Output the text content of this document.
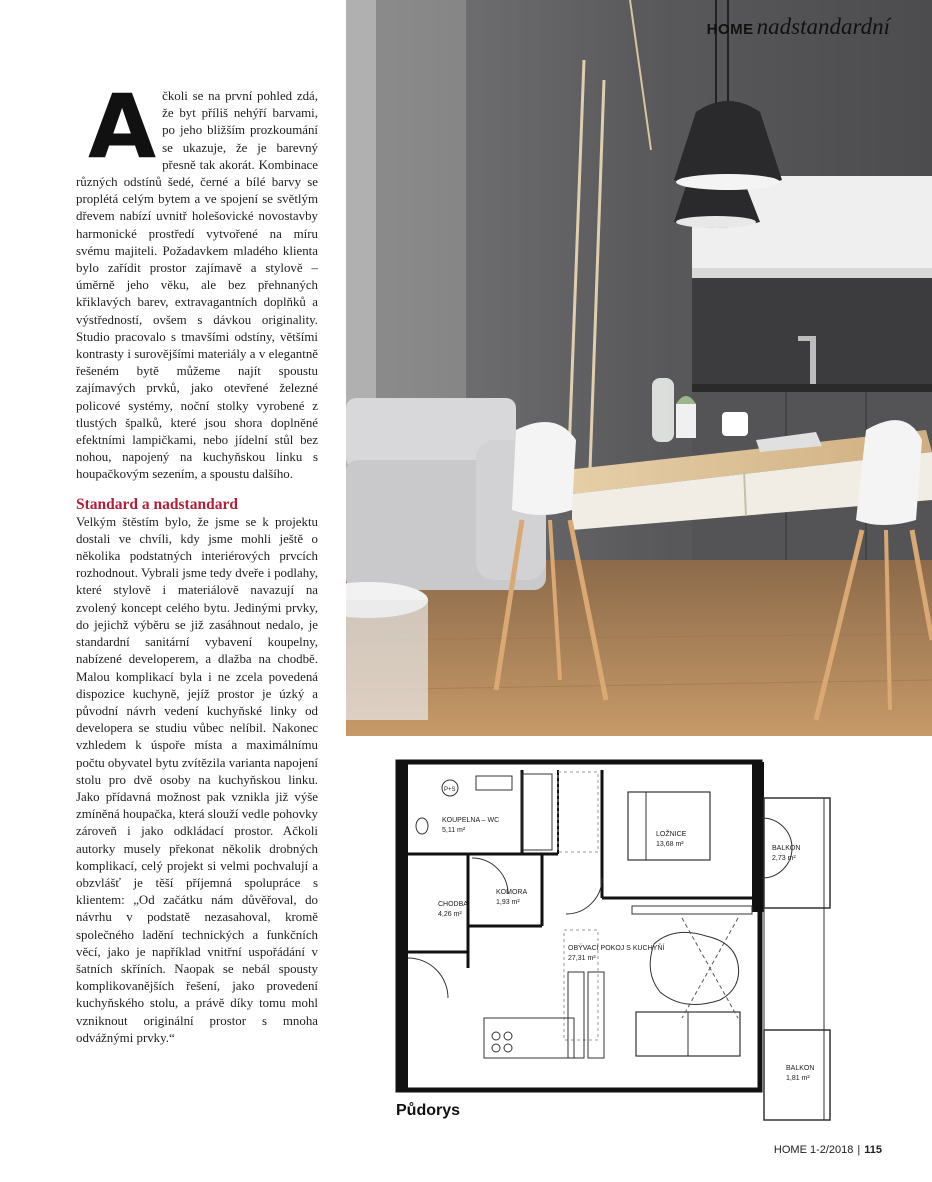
HOME nadstandardní

Ačkoli se na první pohled zdá, že byt příliš nehýří barvami, po jeho bližším prozkoumání se ukazuje, že je barevný přesně tak akorát. Kombinace různých odstínů šedé, černé a bílé barvy se proplétá celým bytem a ve spojení se světlým dřevem nabízí uvnitř holešovické novostavby harmonické prostředí vytvořené na míru svému majiteli. Požadavkem mladého klienta bylo zařídit prostor zajímavě a stylově – úměrně jeho věku, ale bez přehnaných křiklavých barev, extravagantních doplňků a výstředností, ovšem s dávkou originality. Studio pracovalo s tmavšími odstíny, většími kontrasty i surovějšími materiály a v elegantně řešeném bytě můžeme najít spoustu zajímavých prvků, jako otevřené železné policové systémy, noční stolky vyrobené z tlustých špalků, které jsou shora doplněné efektními lampičkami, nebo jídelní stůl bez nohou, napojený na kuchyňskou linku s houpačkovým sezením, a spoustu dalšího.

Standard a nadstandard

Velkým štěstím bylo, že jsme se k projektu dostali ve chvíli, kdy jsme mohli ještě o několika podstatných interiérových prvcích rozhodnout. Vybrali jsme tedy dveře i podlahy, které stylově i materiálově navazují na zvolený koncept celého bytu. Jedinými prvky, do jejichž výběru se již zasáhnout nedalo, je standardní sanitární vybavení koupelny, nabízené developerem, a dlažba na chodbě. Malou komplikací byla i ne zcela povedená dispozice kuchyně, jejíž prostor je úzký a původní návrh vedení kuchyňské linky od developera se studiu vůbec nelíbil. Nakonec vzhledem k úspoře místa a maximálnímu počtu obyvatel bytu zvítězila varianta napojení stolu pro dvě osoby na kuchyňskou linku. Jako přídavná možnost pak vznikla již výše zmíněná houpačka, která slouží vedle pohovky zároveň i jako odkládací prostor. Ačkoli autorky musely překonat několik drobných komplikací, celý projekt si velmi pochvalují a obzvlášť je těší příjemná spolupráce s klientem: „Od začátku nám důvěřoval, do návrhu v podstatě nezasahoval, kromě společného ladění technických a funkčních věcí, jako je například vnitřní uspořádání v šatních skříních. Naopak se nebál spousty komplikovanějších řešení, jako provedení kuchyňského stolu, a právě díky tomu mohl vzniknout originální prostor s mnoha odvážnými prvky.“

P+S
KOUPELNA – WC
5,11 m²
LOŽNICE
13,68 m²
BALKON
2,73 m²
KOMORA
1,93 m²
CHODBA
4,26 m²
OBÝVACÍ POKOJ S KUCHYŇÍ
27,31 m²
BALKON
1,81 m²
Půdorys
HOME 1-2/2018 | 115
